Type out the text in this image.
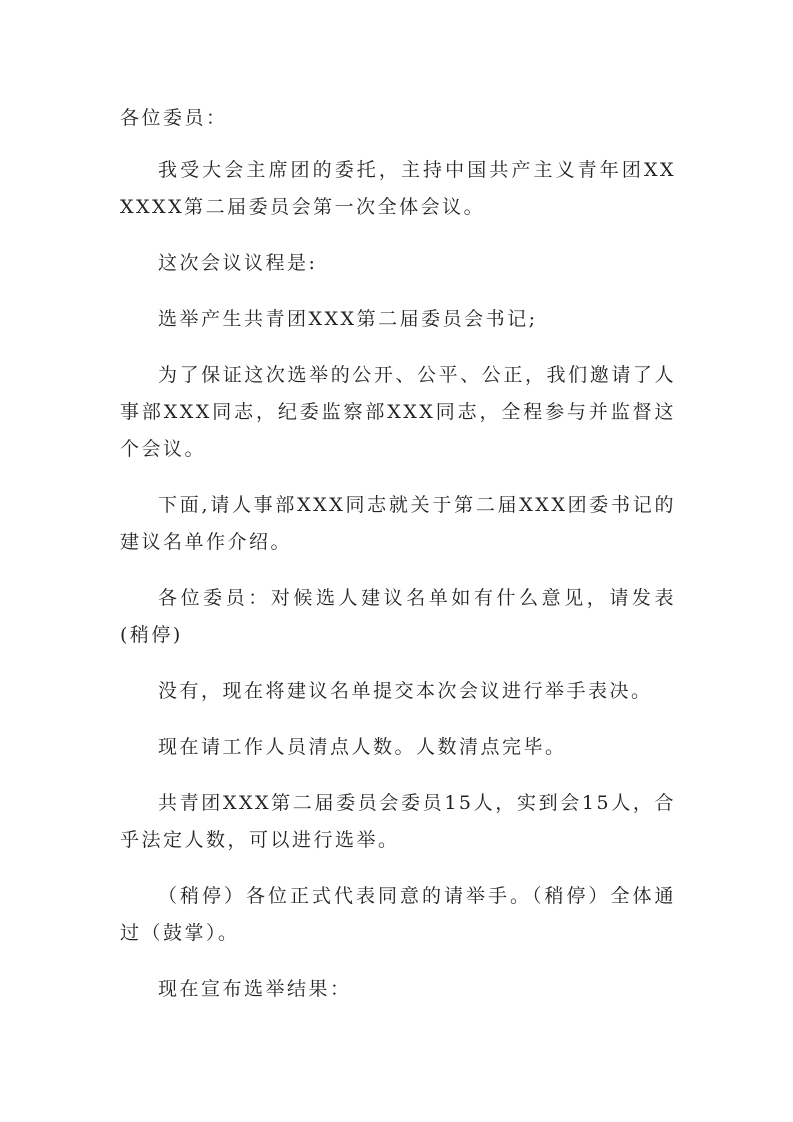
各位委员：

我受大会主席团的委托，主持中国共产主义青年团XXXXXX第二届委员会第一次全体会议。

这次会议议程是:

选举产生共青团XXX第二届委员会书记;

为了保证这次选举的公开、公平、公正，我们邀请了人事部XXX同志，纪委监察部XXX同志，全程参与并监督这个会议。

下面,请人事部XXX同志就关于第二届XXX团委书记的建议名单作介绍。

各位委员：对候选人建议名单如有什么意见，请发表(稍停)

没有，现在将建议名单提交本次会议进行举手表决。

现在请工作人员清点人数。人数清点完毕。

共青团XXX第二届委员会委员15人，实到会15人，合乎法定人数，可以进行选举。

（稍停）各位正式代表同意的请举手。（稍停）全体通过（鼓掌）。

现在宣布选举结果：
